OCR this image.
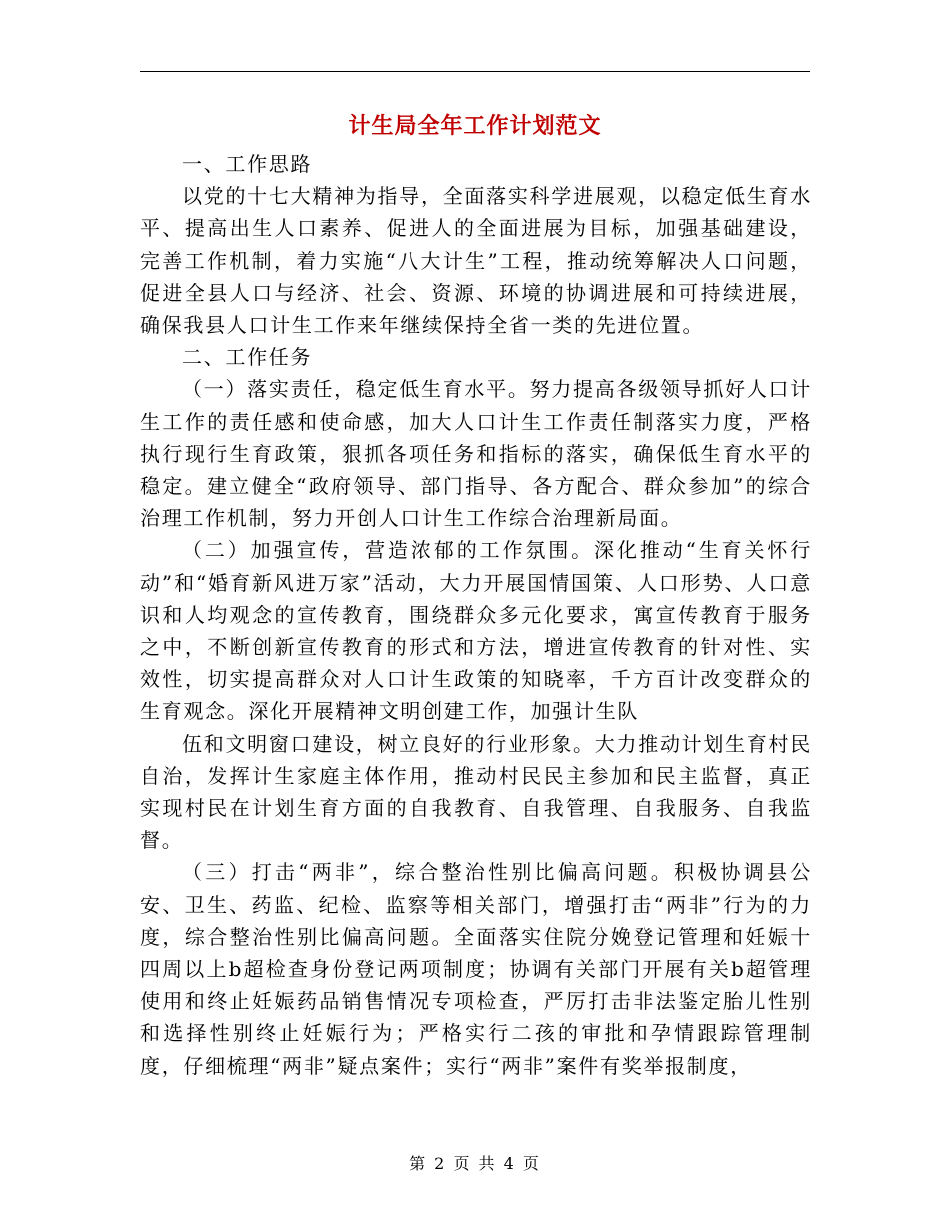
计生局全年工作计划范文

一、工作思路

以党的十七大精神为指导，全面落实科学进展观，以稳定低生育水平、提高出生人口素养、促进人的全面进展为目标，加强基础建设，完善工作机制，着力实施“八大计生”工程，推动统筹解决人口问题，促进全县人口与经济、社会、资源、环境的协调进展和可持续进展，确保我县人口计生工作来年继续保持全省一类的先进位置。

二、工作任务

（一）落实责任，稳定低生育水平。努力提高各级领导抓好人口计生工作的责任感和使命感，加大人口计生工作责任制落实力度，严格执行现行生育政策，狠抓各项任务和指标的落实，确保低生育水平的稳定。建立健全“政府领导、部门指导、各方配合、群众参加”的综合治理工作机制，努力开创人口计生工作综合治理新局面。

（二）加强宣传，营造浓郁的工作氛围。深化推动“生育关怀行动”和“婚育新风进万家”活动，大力开展国情国策、人口形势、人口意识和人均观念的宣传教育，围绕群众多元化要求，寓宣传教育于服务之中，不断创新宣传教育的形式和方法，增进宣传教育的针对性、实效性，切实提高群众对人口计生政策的知晓率，千方百计改变群众的生育观念。深化开展精神文明创建工作，加强计生队

伍和文明窗口建设，树立良好的行业形象。大力推动计划生育村民自治，发挥计生家庭主体作用，推动村民民主参加和民主监督，真正实现村民在计划生育方面的自我教育、自我管理、自我服务、自我监督。

（三）打击“两非”，综合整治性别比偏高问题。积极协调县公安、卫生、药监、纪检、监察等相关部门，增强打击“两非”行为的力度，综合整治性别比偏高问题。全面落实住院分娩登记管理和妊娠十四周以上b超检查身份登记两项制度；协调有关部门开展有关b超管理使用和终止妊娠药品销售情况专项检查，严厉打击非法鉴定胎儿性别和选择性别终止妊娠行为；严格实行二孩的审批和孕情跟踪管理制度，仔细梳理“两非”疑点案件；实行“两非”案件有奖举报制度，

第 2 页 共 4 页
